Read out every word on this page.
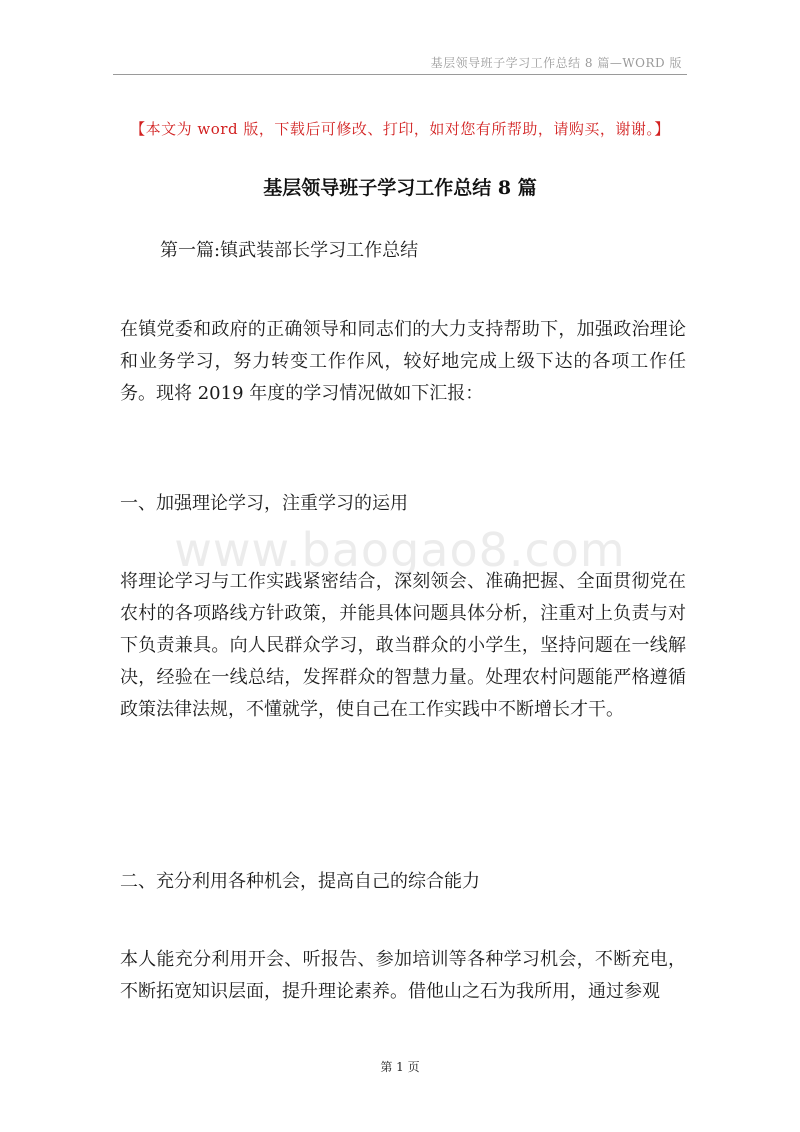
基层领导班子学习工作总结 8 篇—WORD 版
【本文为 word 版，下载后可修改、打印，如对您有所帮助，请购买，谢谢。】
基层领导班子学习工作总结 8 篇
第一篇:镇武装部长学习工作总结
在镇党委和政府的正确领导和同志们的大力支持帮助下，加强政治理论和业务学习，努力转变工作作风，较好地完成上级下达的各项工作任务。现将 2019 年度的学习情况做如下汇报：
一、加强理论学习，注重学习的运用
www.baogao8.com
将理论学习与工作实践紧密结合，深刻领会、准确把握、全面贯彻党在农村的各项路线方针政策，并能具体问题具体分析，注重对上负责与对下负责兼具。向人民群众学习，敢当群众的小学生，坚持问题在一线解决，经验在一线总结，发挥群众的智慧力量。处理农村问题能严格遵循政策法律法规，不懂就学，使自己在工作实践中不断增长才干。
二、充分利用各种机会，提高自己的综合能力
本人能充分利用开会、听报告、参加培训等各种学习机会，不断充电，不断拓宽知识层面，提升理论素养。借他山之石为我所用，通过参观
第 1 页
